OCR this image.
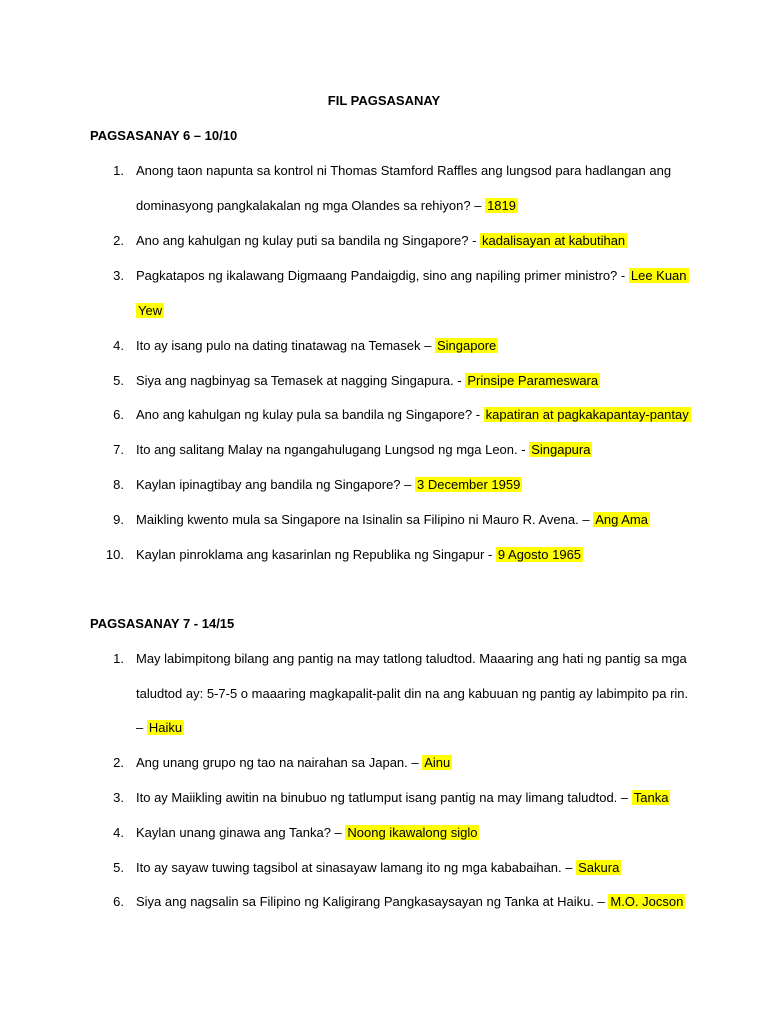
FIL PAGSASANAY
PAGSASANAY 6 – 10/10
1. Anong taon napunta sa kontrol ni Thomas Stamford Raffles ang lungsod para hadlangan ang
dominasyong pangkalakalan ng mga Olandes sa rehiyon? – 1819
2. Ano ang kahulgan ng kulay puti sa bandila ng Singapore? - kadalisayan at kabutihan
3. Pagkatapos ng ikalawang Digmaang Pandaigdig, sino ang napiling primer ministro? - Lee Kuan
Yew
4. Ito ay isang pulo na dating tinatawag na Temasek – Singapore
5. Siya ang nagbinyag sa Temasek at nagging Singapura. - Prinsipe Parameswara
6. Ano ang kahulgan ng kulay pula sa bandila ng Singapore? - kapatiran at pagkakapantay-pantay
7. Ito ang salitang Malay na ngangahulugang Lungsod ng mga Leon. - Singapura
8. Kaylan ipinagtibay ang bandila ng Singapore? – 3 December 1959
9. Maikling kwento mula sa Singapore na Isinalin sa Filipino ni Mauro R. Avena. – Ang Ama
10. Kaylan pinroklama ang kasarinlan ng Republika ng Singapur - 9 Agosto 1965
PAGSASANAY 7 - 14/15
1. May labimpitong bilang ang pantig na may tatlong taludtod. Maaaring ang hati ng pantig sa mga
taludtod ay: 5-7-5 o maaaring magkapalit-palit din na ang kabuuan ng pantig ay labimpito pa rin.
– Haiku
2. Ang unang grupo ng tao na nairahan sa Japan. – Ainu
3. Ito ay Maiikling awitin na binubuo ng tatlumput isang pantig na may limang taludtod. – Tanka
4. Kaylan unang ginawa ang Tanka? – Noong ikawalong siglo
5. Ito ay sayaw tuwing tagsibol at sinasayaw lamang ito ng mga kababaihan. – Sakura
6. Siya ang nagsalin sa Filipino ng Kaligirang Pangkasaysayan ng Tanka at Haiku. – M.O. Jocson
